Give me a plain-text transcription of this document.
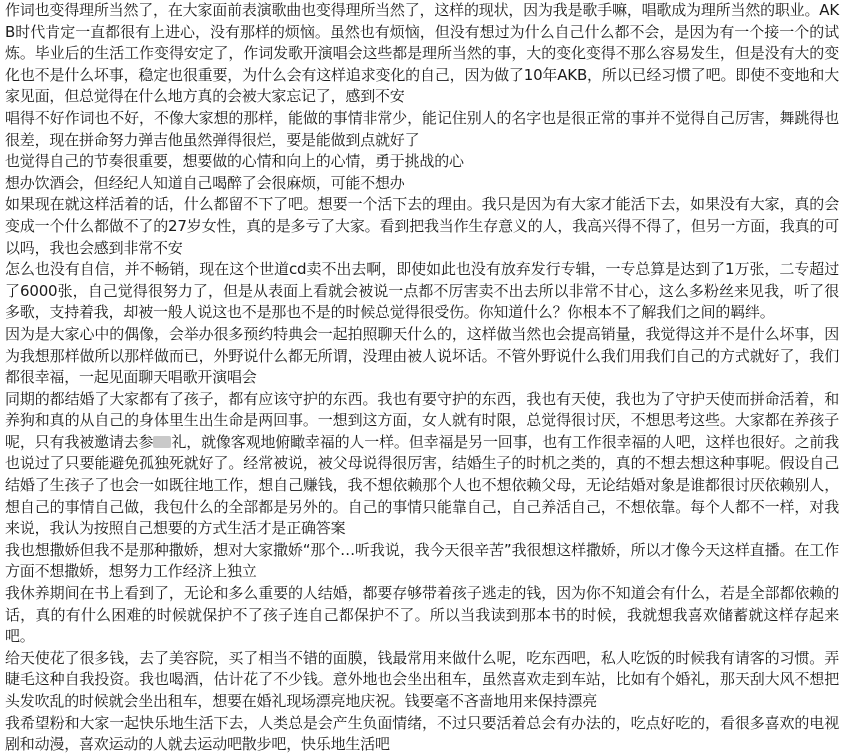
作词也变得理所当然了，在大家面前表演歌曲也变得理所当然了，这样的现状，因为我是歌手嘛，唱歌成为理所当然的职业。AKB时代肯定一直都很有上进心，没有那样的烦恼。虽然也有烦恼，但没有想过为什么自己什么都不会，是因为有一个接一个的试炼。毕业后的生活工作变得安定了，作词发歌开演唱会这些都是理所当然的事，大的变化变得不那么容易发生，但是没有大的变化也不是什么坏事，稳定也很重要，为什么会有这样追求变化的自己，因为做了10年AKB，所以已经习惯了吧。即使不变地和大家见面，但总觉得在什么地方真的会被大家忘记了，感到不安

唱得不好作词也不好，不像大家想的那样，能做的事情非常少，能记住别人的名字也是很正常的事并不觉得自己厉害，舞跳得也很差，现在拼命努力弹吉他虽然弹得很烂，要是能做到点就好了

也觉得自己的节奏很重要，想要做的心情和向上的心情，勇于挑战的心

想办饮酒会，但经纪人知道自己喝醉了会很麻烦，可能不想办

如果现在就这样活着的话，什么都留不下了吧。想要一个活下去的理由。我只是因为有大家才能活下去，如果没有大家，真的会变成一个什么都做不了的27岁女性，真的是多亏了大家。看到把我当作生存意义的人，我高兴得不得了，但另一方面，我真的可以吗，我也会感到非常不安

怎么也没有自信，并不畅销，现在这个世道cd卖不出去啊，即使如此也没有放弃发行专辑，一专总算是达到了1万张，二专超过了6000张，自己觉得很努力了，但是从表面上看就会被说一点都不厉害卖不出去所以非常不甘心，这么多粉丝来见我，听了很多歌，支持着我，却被一般人说这也不是那也不是的时候总觉得很受伤。你知道什么？你根本不了解我们之间的羁绊。

因为是大家心中的偶像，会举办很多预约特典会一起拍照聊天什么的，这样做当然也会提高销量，我觉得这并不是什么坏事，因为我想那样做所以那样做而已，外野说什么都无所谓，没理由被人说坏话。不管外野说什么我们用我们自己的方式就好了，我们都很幸福，一起见面聊天唱歌开演唱会

同期的都结婚了大家都有了孩子，都有应该守护的东西。我也有要守护的东西，我也有天使，我也为了守护天使而拼命活着，和养狗和真的从自己的身体里生出生命是两回事。一想到这方面，女人就有时限，总觉得很讨厌，不想思考这些。大家都在养孩子呢，只有我被邀请去参 礼，就像客观地俯瞰幸福的人一样。但幸福是另一回事，也有工作很幸福的人吧，这样也很好。之前我也说过了只要能避免孤独死就好了。经常被说，被父母说得很厉害，结婚生子的时机之类的，真的不想去想这种事呢。假设自己结婚了生孩子了也会一如既往地工作，想自己赚钱，我不想依赖那个人也不想依赖父母，无论结婚对象是谁都很讨厌依赖别人，想自己的事情自己做，我包什么的全部都是另外的。自己的事情只能靠自己，自己养活自己，不想依靠。每个人都不一样，对我来说，我认为按照自己想要的方式生活才是正确答案

我也想撒娇但我不是那种撒娇，想对大家撒娇“那个…听我说，我今天很辛苦”我很想这样撒娇，所以才像今天这样直播。在工作方面不想撒娇，想努力工作经济上独立

我休养期间在书上看到了，无论和多么重要的人结婚，都要存够带着孩子逃走的钱，因为你不知道会有什么，若是全部都依赖的话，真的有什么困难的时候就保护不了孩子连自己都保护不了。所以当我读到那本书的时候，我就想我喜欢储蓄就这样存起来吧。

给天使花了很多钱，去了美容院，买了相当不错的面膜，钱最常用来做什么呢，吃东西吧，私人吃饭的时候我有请客的习惯。弄睫毛这种自我投资。我也喝酒，估计花了不少钱。意外地也会坐出租车，虽然喜欢走到车站，比如有个婚礼，那天刮大风不想把头发吹乱的时候就会坐出租车，想要在婚礼现场漂亮地庆祝。钱要毫不吝啬地用来保持漂亮

我希望粉和大家一起快乐地生活下去，人类总是会产生负面情绪，不过只要活着总会有办法的，吃点好吃的，看很多喜欢的电视剧和动漫，喜欢运动的人就去运动吧散步吧，快乐地生活吧
